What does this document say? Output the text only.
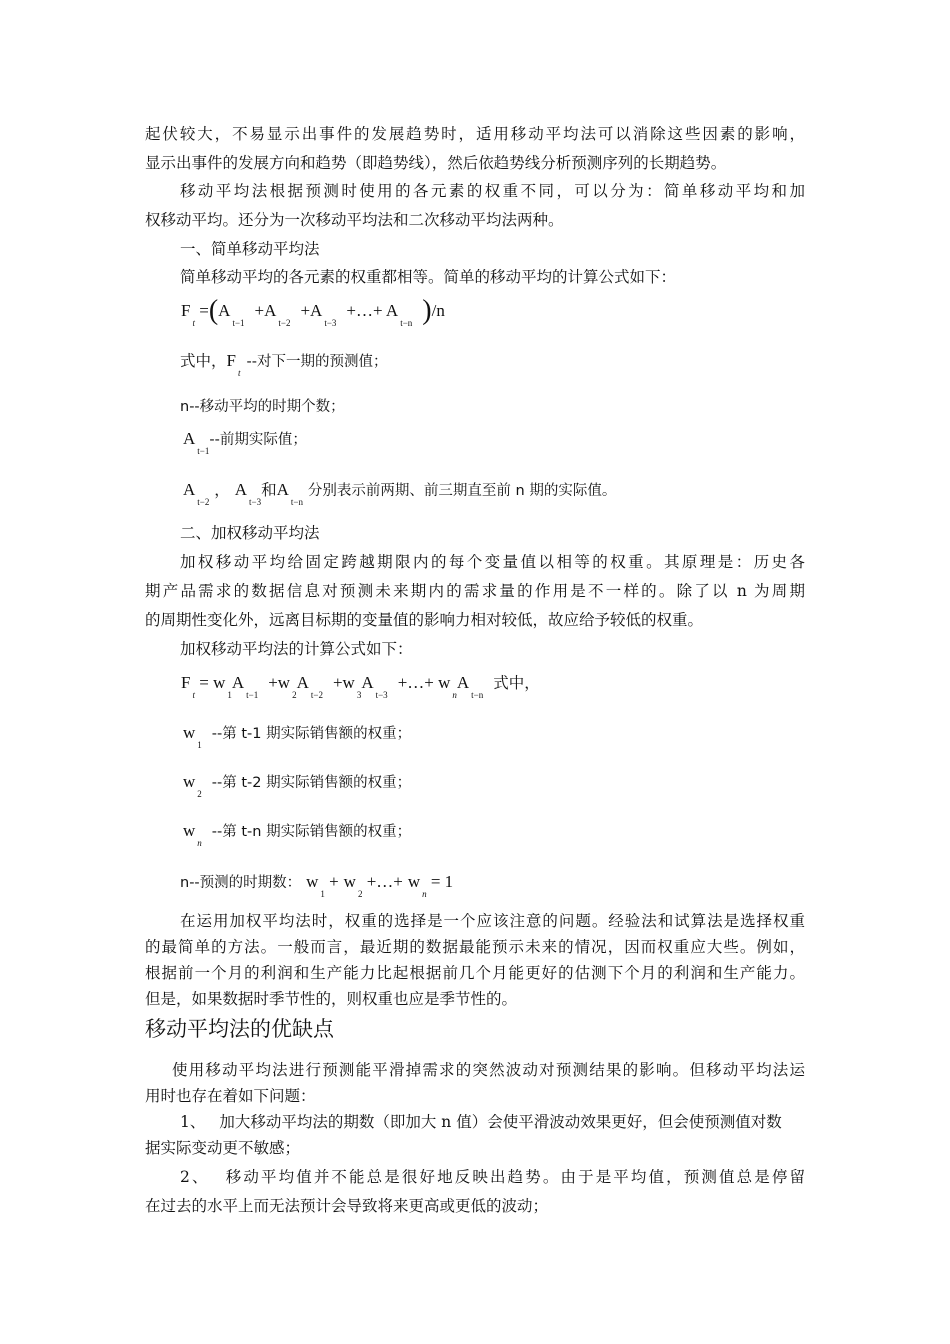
起伏较大，不易显示出事件的发展趋势时，适用移动平均法可以消除这些因素的影响，
显示出事件的发展方向和趋势（即趋势线），然后依趋势线分析预测序列的长期趋势。
移动平均法根据预测时使用的各元素的权重不同，可以分为：简单移动平均和加
权移动平均。还分为一次移动平均法和二次移动平均法两种。
一、简单移动平均法
简单移动平均的各元素的权重都相等。简单的移动平均的计算公式如下：
$F_t$ $=(A_{t-1}+A_{t-2}+A_{t-3}+\dots+ A_{t-n}$ )/n
式中，$F_t--$对下一期的预测值；
n--移动平均的时期个数；
$A_{t-1}--$前期实际值；
$A_{t-2}$ ， $A_{t-3}$和$A_{t-n}$ 分别表示前两期、前三期直至前 n 期的实际值。
二、加权移动平均法
加权移动平均给固定跨越期限内的每个变量值以相等的权重。其原理是：历史各
期产品需求的数据信息对预测未来期内的需求量的作用是不一样的。除了以 n 为周期
的周期性变化外，远离目标期的变量值的影响力相对较低，故应给予较低的权重。
加权移动平均法的计算公式如下：
$F_t$ = $w_1A_{t-1}+w_2A_{t-2}+w_3A_{t-3}+\dots+ w_nA_{t-n}$式中，
$w_1--$第 t-1 期实际销售额的权重；
$w_2--$第 t-2 期实际销售额的权重；
$w_n--$第 t-n 期实际销售额的权重；
n--预测的时期数： $w_1 + w_2$ +…+ $w_n = 1$
在运用加权平均法时，权重的选择是一个应该注意的问题。经验法和试算法是选择权重
的最简单的方法。一般而言，最近期的数据最能预示未来的情况，因而权重应大些。例如，
根据前一个月的利润和生产能力比起根据前几个月能更好的估测下个月的利润和生产能力。
但是，如果数据时季节性的，则权重也应是季节性的。
移动平均法的优缺点
使用移动平均法进行预测能平滑掉需求的突然波动对预测结果的影响。但移动平均法运
用时也存在着如下问题：
1、 加大移动平均法的期数（即加大 n 值）会使平滑波动效果更好，但会使预测值对数
据实际变动更不敏感；
2、 移动平均值并不能总是很好地反映出趋势。由于是平均值，预测值总是停留
在过去的水平上而无法预计会导致将来更高或更低的波动；
